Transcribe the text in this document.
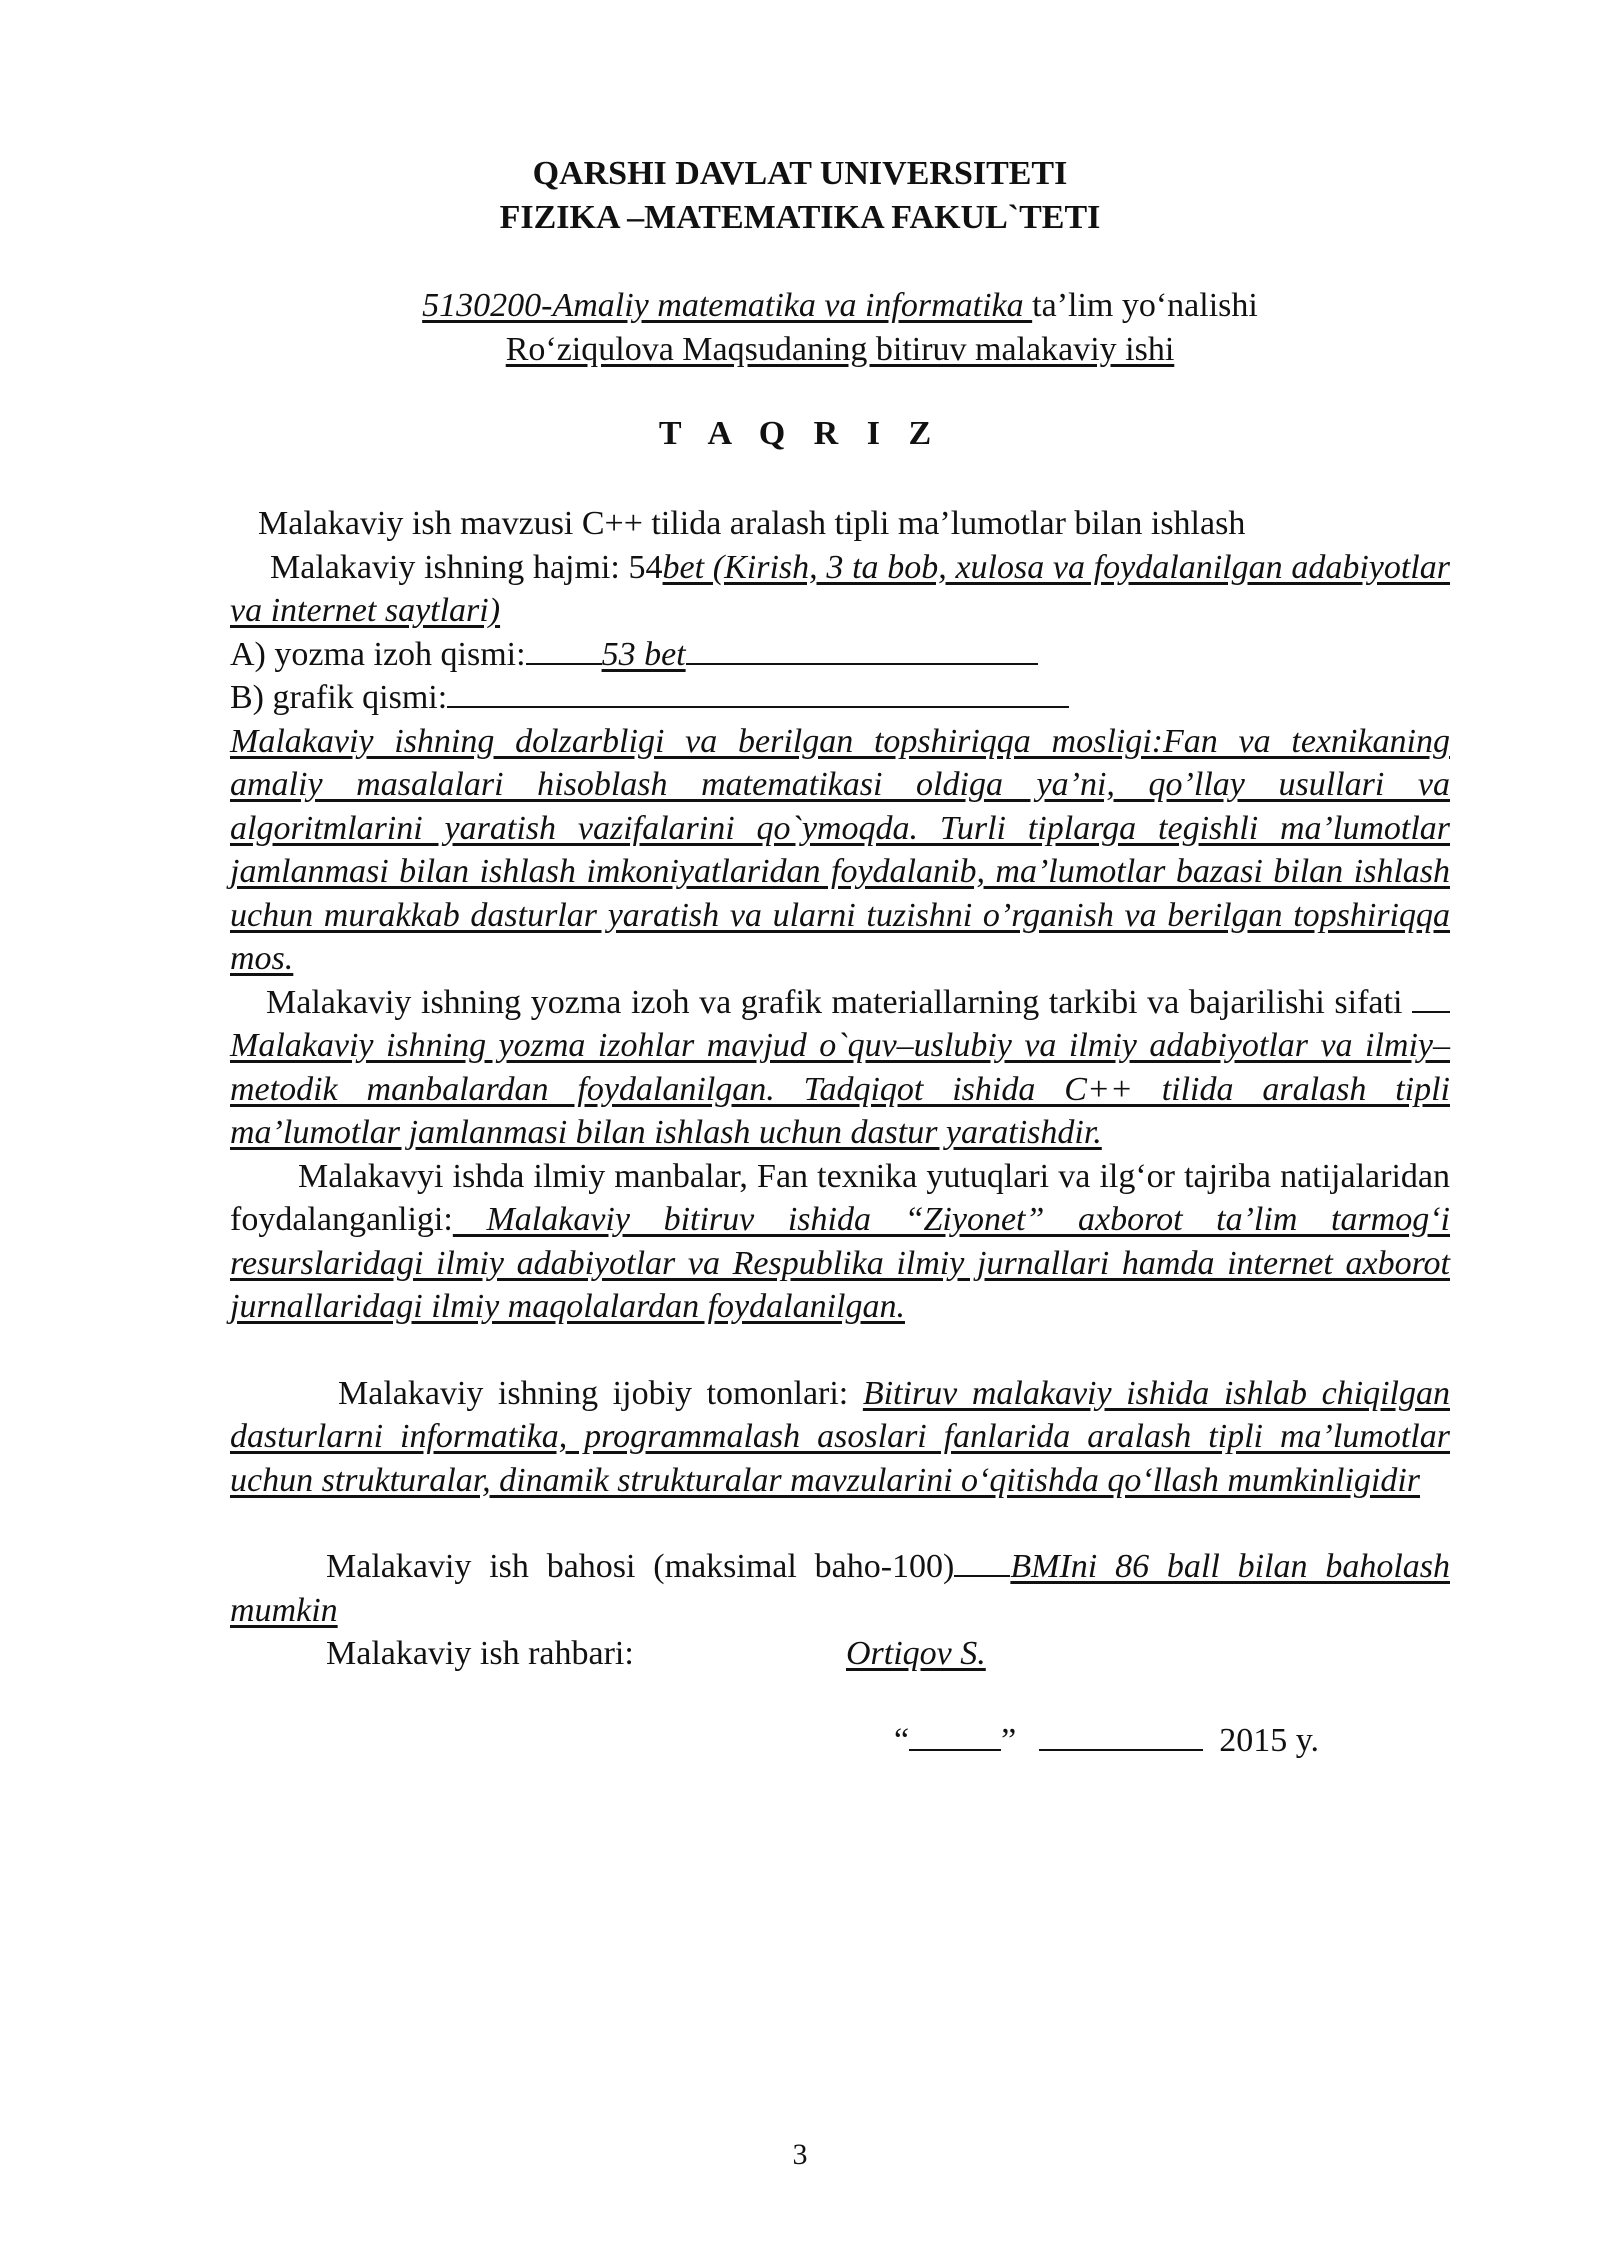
QARSHI DAVLAT UNIVERSITETI
FIZIKA –MATEMATIKA FAKUL`TETI
5130200-Amaliy matematika va informatika ta’lim yo‘nalishi
Ro‘ziqulova Maqsudaning bitiruv malakaviy ishi
T A Q R I Z
Malakaviy ish mavzusi C++ tilida aralash tipli ma’lumotlar bilan ishlash
Malakaviy ishning hajmi: 54bet (Kirish, 3 ta bob, xulosa va foydalanilgan adabiyotlar va internet saytlari)
A) yozma izoh qismi: 53 bet
B) grafik qismi:
Malakaviy ishning dolzarbligi va berilgan topshiriqqa mosligi:Fan va texnikaning amaliy masalalari hisoblash matematikasi oldiga ya’ni, qo’llay usullari va algoritmlarini yaratish vazifalarini qo`ymoqda. Turli tiplarga tegishli ma’lumotlar jamlanmasi bilan ishlash imkoniyatlaridan foydalanib, ma’lumotlar bazasi bilan ishlash uchun murakkab dasturlar yaratish va ularni tuzishni o’rganish va berilgan topshiriqqa mos.
Malakaviy ishning yozma izoh va grafik materiallarning tarkibi va bajarilishi sifati Malakaviy ishning yozma izohlar mavjud o`quv–uslubiy va ilmiy adabiyotlar va ilmiy–metodik manbalardan foydalanilgan. Tadqiqot ishida C++ tilida aralash tipli ma’lumotlar jamlanmasi bilan ishlash uchun dastur yaratishdir.
Malakavyi ishda ilmiy manbalar, Fan texnika yutuqlari va ilg‘or tajriba natijalaridan foydalanganligi: Malakaviy bitiruv ishida “Ziyonet” axborot ta’lim tarmog‘i resurslaridagi ilmiy adabiyotlar va Respublika ilmiy jurnallari hamda internet axborot jurnallaridagi ilmiy maqolalardan foydalanilgan.
Malakaviy ishning ijobiy tomonlari: Bitiruv malakaviy ishida ishlab chiqilgan dasturlarni informatika, programmalash asoslari fanlarida aralash tipli ma’lumotlar uchun strukturalar, dinamik strukturalar mavzularini o‘qitishda qo‘llash mumkinligidir
Malakaviy ish bahosi (maksimal baho-100) BMIni 86 ball bilan baholash mumkin
Malakaviy ish rahbari:	Ortiqov S.
“	”	2015 y.
3
